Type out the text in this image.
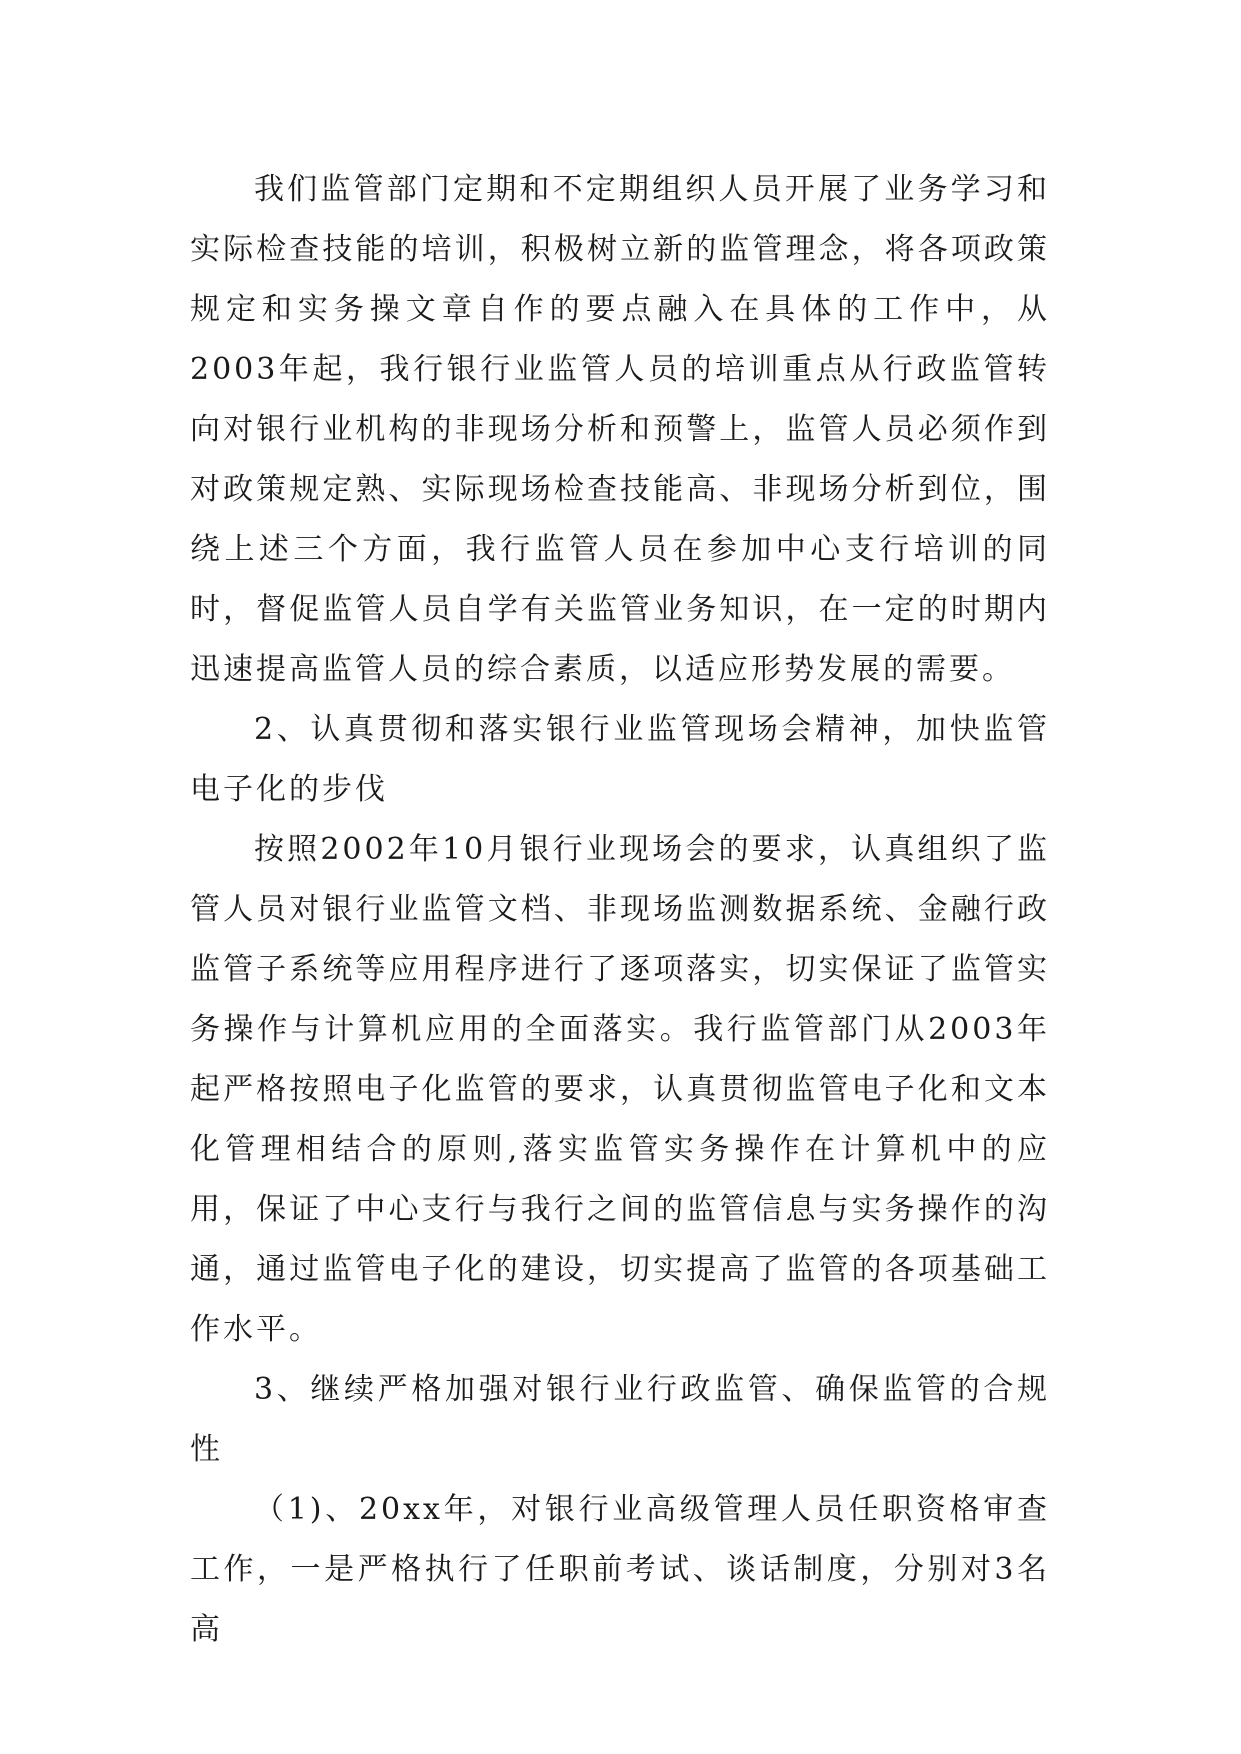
我们监管部门定期和不定期组织人员开展了业务学习和实际检查技能的培训，积极树立新的监管理念，将各项政策规定和实务操文章自作的要点融入在具体的工作中，从2003年起，我行银行业监管人员的培训重点从行政监管转向对银行业机构的非现场分析和预警上，监管人员必须作到对政策规定熟、实际现场检查技能高、非现场分析到位，围绕上述三个方面，我行监管人员在参加中心支行培训的同时，督促监管人员自学有关监管业务知识，在一定的时期内迅速提高监管人员的综合素质，以适应形势发展的需要。

2、认真贯彻和落实银行业监管现场会精神，加快监管电子化的步伐

按照2002年10月银行业现场会的要求，认真组织了监管人员对银行业监管文档、非现场监测数据系统、金融行政监管子系统等应用程序进行了逐项落实，切实保证了监管实务操作与计算机应用的全面落实。我行监管部门从2003年起严格按照电子化监管的要求，认真贯彻监管电子化和文本化管理相结合的原则,落实监管实务操作在计算机中的应用，保证了中心支行与我行之间的监管信息与实务操作的沟通，通过监管电子化的建设，切实提高了监管的各项基础工作水平。

3、继续严格加强对银行业行政监管、确保监管的合规性

（1)、20xx年，对银行业高级管理人员任职资格审查工作，一是严格执行了任职前考试、谈话制度，分别对3名高
